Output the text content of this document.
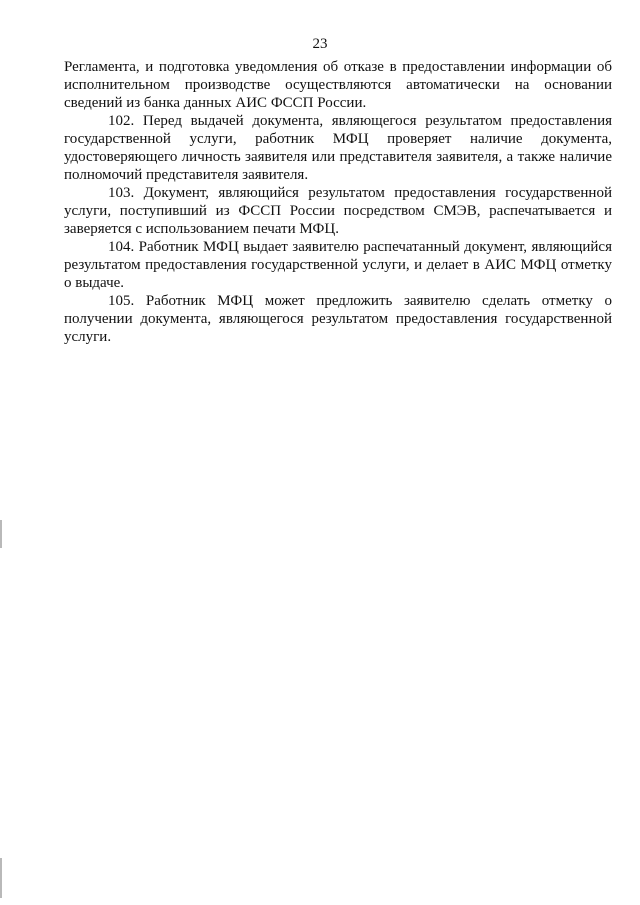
23

Регламента, и подготовка уведомления об отказе в предоставлении информации об исполнительном производстве осуществляются автоматически на основании сведений из банка данных АИС ФССП России.

102. Перед выдачей документа, являющегося результатом предоставления государственной услуги, работник МФЦ проверяет наличие документа, удостоверяющего личность заявителя или представителя заявителя, а также наличие полномочий представителя заявителя.

103. Документ, являющийся результатом предоставления государственной услуги, поступивший из ФССП России посредством СМЭВ, распечатывается и заверяется с использованием печати МФЦ.

104. Работник МФЦ выдает заявителю распечатанный документ, являющийся результатом предоставления государственной услуги, и делает в АИС МФЦ отметку о выдаче.

105. Работник МФЦ может предложить заявителю сделать отметку о получении документа, являющегося результатом предоставления государственной услуги.
